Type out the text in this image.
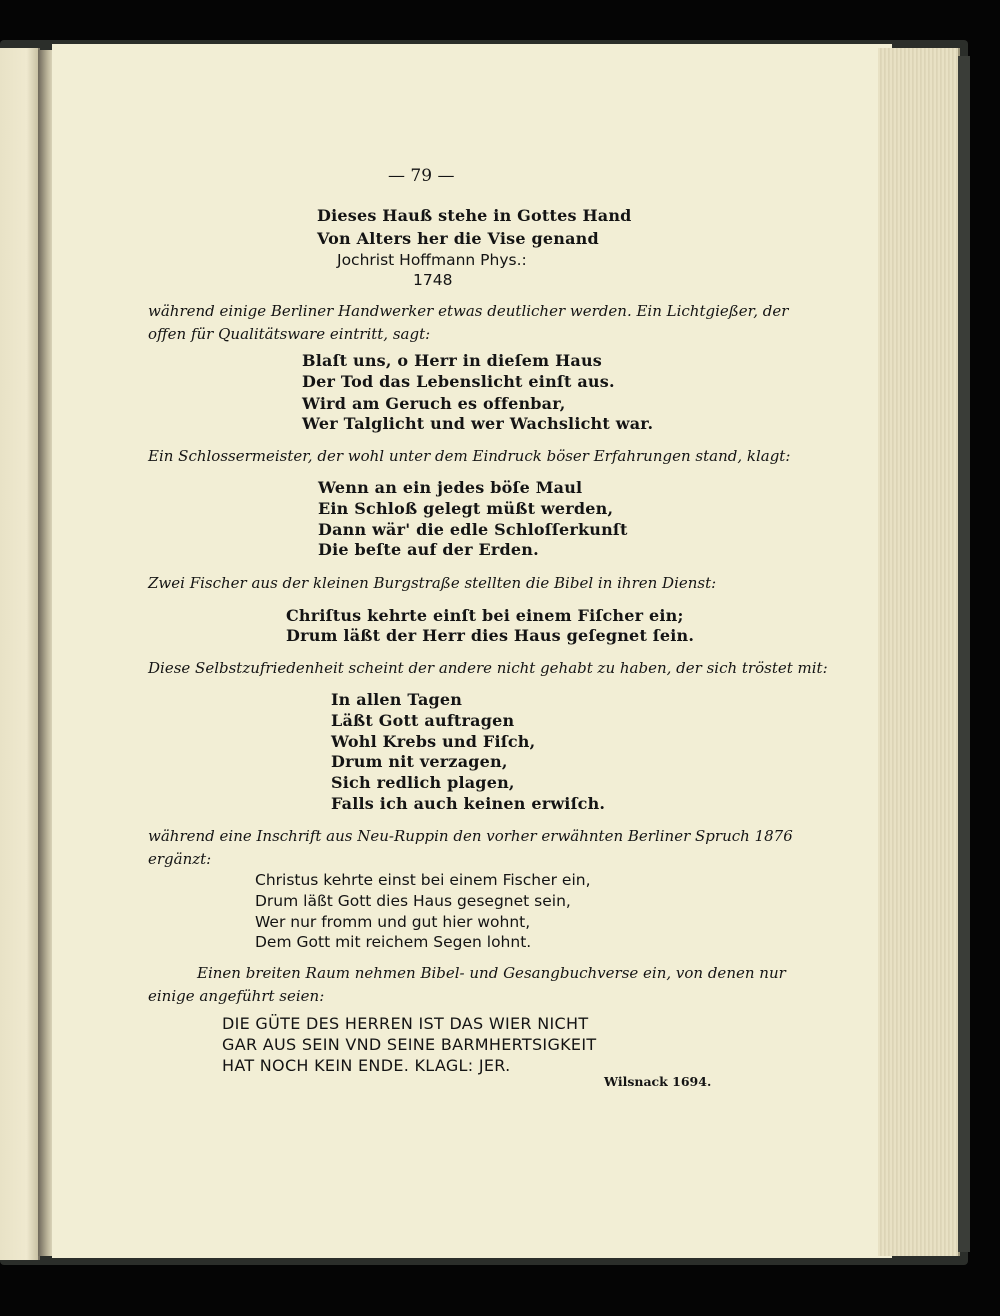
— 79 —
Dieses Hauß stehe in Gottes Hand
Von Alters her die Vise genand
Jochrist Hoffmann Phys.:
1748
während einige Berliner Handwerker etwas deutlicher werden. Ein Lichtgießer, der
offen für Qualitätsware eintritt, sagt:
Blaſt uns, o Herr in dieſem Haus
Der Tod das Lebenslicht einſt aus.
Wird am Geruch es offenbar,
Wer Talglicht und wer Wachslicht war.
Ein Schlossermeister, der wohl unter dem Eindruck böser Erfahrungen stand, klagt:
Wenn an ein jedes böſe Maul
Ein Schloß gelegt müßt werden,
Dann wär' die edle Schloſſerkunſt
Die beſte auf der Erden.
Zwei Fischer aus der kleinen Burgstraße stellten die Bibel in ihren Dienst:
Chriſtus kehrte einſt bei einem Fiſcher ein;
Drum läßt der Herr dies Haus geſegnet ſein.
Diese Selbstzufriedenheit scheint der andere nicht gehabt zu haben, der sich tröstet mit:
In allen Tagen
Läßt Gott auftragen
Wohl Krebs und Fiſch,
Drum nit verzagen,
Sich redlich plagen,
Falls ich auch keinen erwiſch.
während eine Inschrift aus Neu-Ruppin den vorher erwähnten Berliner Spruch 1876
ergänzt:
Christus kehrte einst bei einem Fischer ein,
Drum läßt Gott dies Haus gesegnet sein,
Wer nur fromm und gut hier wohnt,
Dem Gott mit reichem Segen lohnt.
Einen breiten Raum nehmen Bibel- und Gesangbuchverse ein, von denen nur
einige angeführt seien:
DIE GÜTE DES HERREN IST DAS WIER NICHT
GAR AUS SEIN VND SEINE BARMHERTSIGKEIT
HAT NOCH KEIN ENDE. KLAGL: JER.
Wilsnack 1694.
